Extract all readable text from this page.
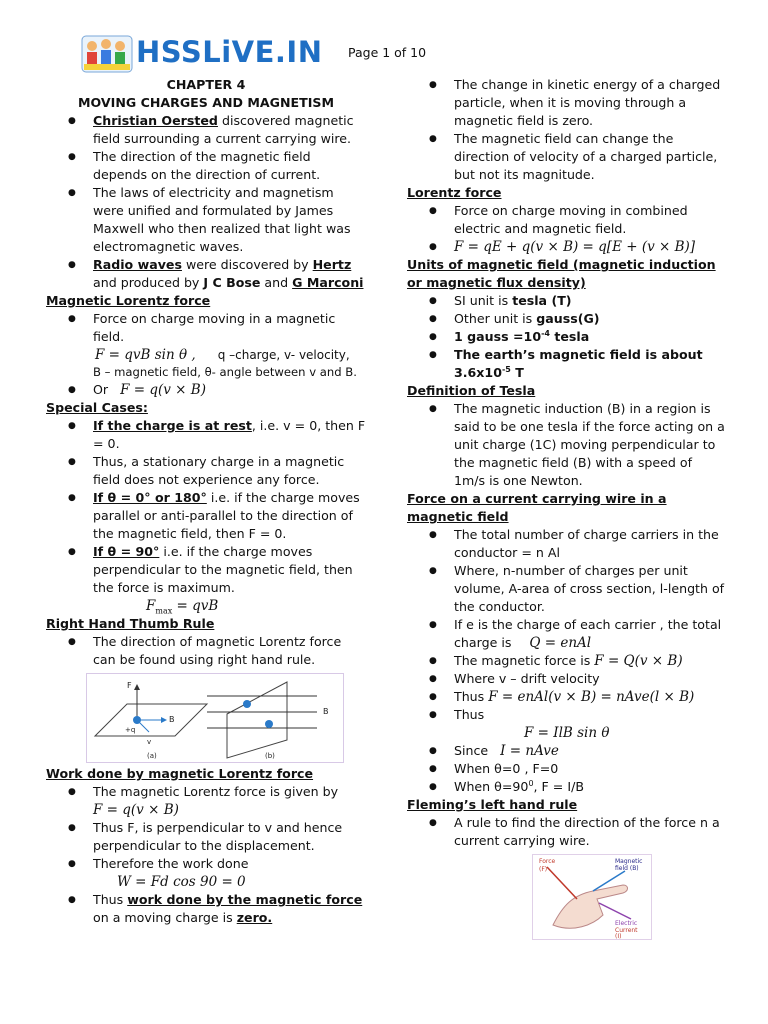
HSSLiVE.IN Page 1 of 10

CHAPTER 4

MOVING CHARGES AND MAGNETISM

● Christian Oersted discovered magnetic field surrounding a current carrying wire.
● The direction of the magnetic field depends on the direction of current.
● The laws of electricity and magnetism were unified and formulated by James Maxwell who then realized that light was electromagnetic waves.
● Radio waves were discovered by Hertz and produced by J C Bose and G Marconi

Magnetic Lorentz force

● Force on charge moving in a magnetic field.
F = qvB sin θ , q –charge, v- velocity,
B – magnetic field, θ- angle between v and B.
● Or F = q(v × B)

Special Cases:

● If the charge is at rest, i.e. v = 0, then F = 0.
● Thus, a stationary charge in a magnetic field does not experience any force.
● If θ = 0° or 180° i.e. if the charge moves parallel or anti-parallel to the direction of the magnetic field, then F = 0.
● If θ = 90° i.e. if the charge moves perpendicular to the magnetic field, then the force is maximum.
$F_{max}$ = qvB

Right Hand Thumb Rule

● The direction of magnetic Lorentz force can be found using right hand rule.
F
B
+q
v
B
(a)	(b)

Work done by magnetic Lorentz force

● The magnetic Lorentz force is given by
F = q(v × B)
● Thus F, is perpendicular to v and hence perpendicular to the displacement.
● Therefore the work done
W = Fd cos 90 = 0
● Thus work done by the magnetic force on a moving charge is zero.
● The change in kinetic energy of a charged particle, when it is moving through a magnetic field is zero.
● The magnetic field can change the direction of velocity of a charged particle, but not its magnitude.

Lorentz force

● Force on charge moving in combined electric and magnetic field.
● F = qE + q(v × B) = q[E + (v × B)]

Units of magnetic field (magnetic induction or magnetic flux density)

● SI unit is tesla (T)
● Other unit is gauss(G)
● 1 gauss $=10^{-4}$ tesla
● The earth’s magnetic field is about $3.6x10^{-5}$ T

Definition of Tesla

● The magnetic induction (B) in a region is said to be one tesla if the force acting on a unit charge (1C) moving perpendicular to the magnetic field (B) with a speed of 1m/s is one Newton.

Force on a current carrying wire in a magnetic field

● The total number of charge carriers in the conductor = n Al
● Where, n-number of charges per unit volume, A-area of cross section, l-length of the conductor.
● If e is the charge of each carrier , the total charge is Q = enAl
● The magnetic force is F = Q(v × B)
● Where v – drift velocity
● Thus F = enAl(v × B) = nAve(l × B)
● Thus
F = IlB sin θ
● Since I = nAve
● When θ=0 , F=0
● When $\theta=90^0$, F = I/B

Fleming’s left hand rule

● A rule to find the direction of the force n a current carrying wire.
Force
(F)
Magnetic
field (B)
Electric
Current
(I)
